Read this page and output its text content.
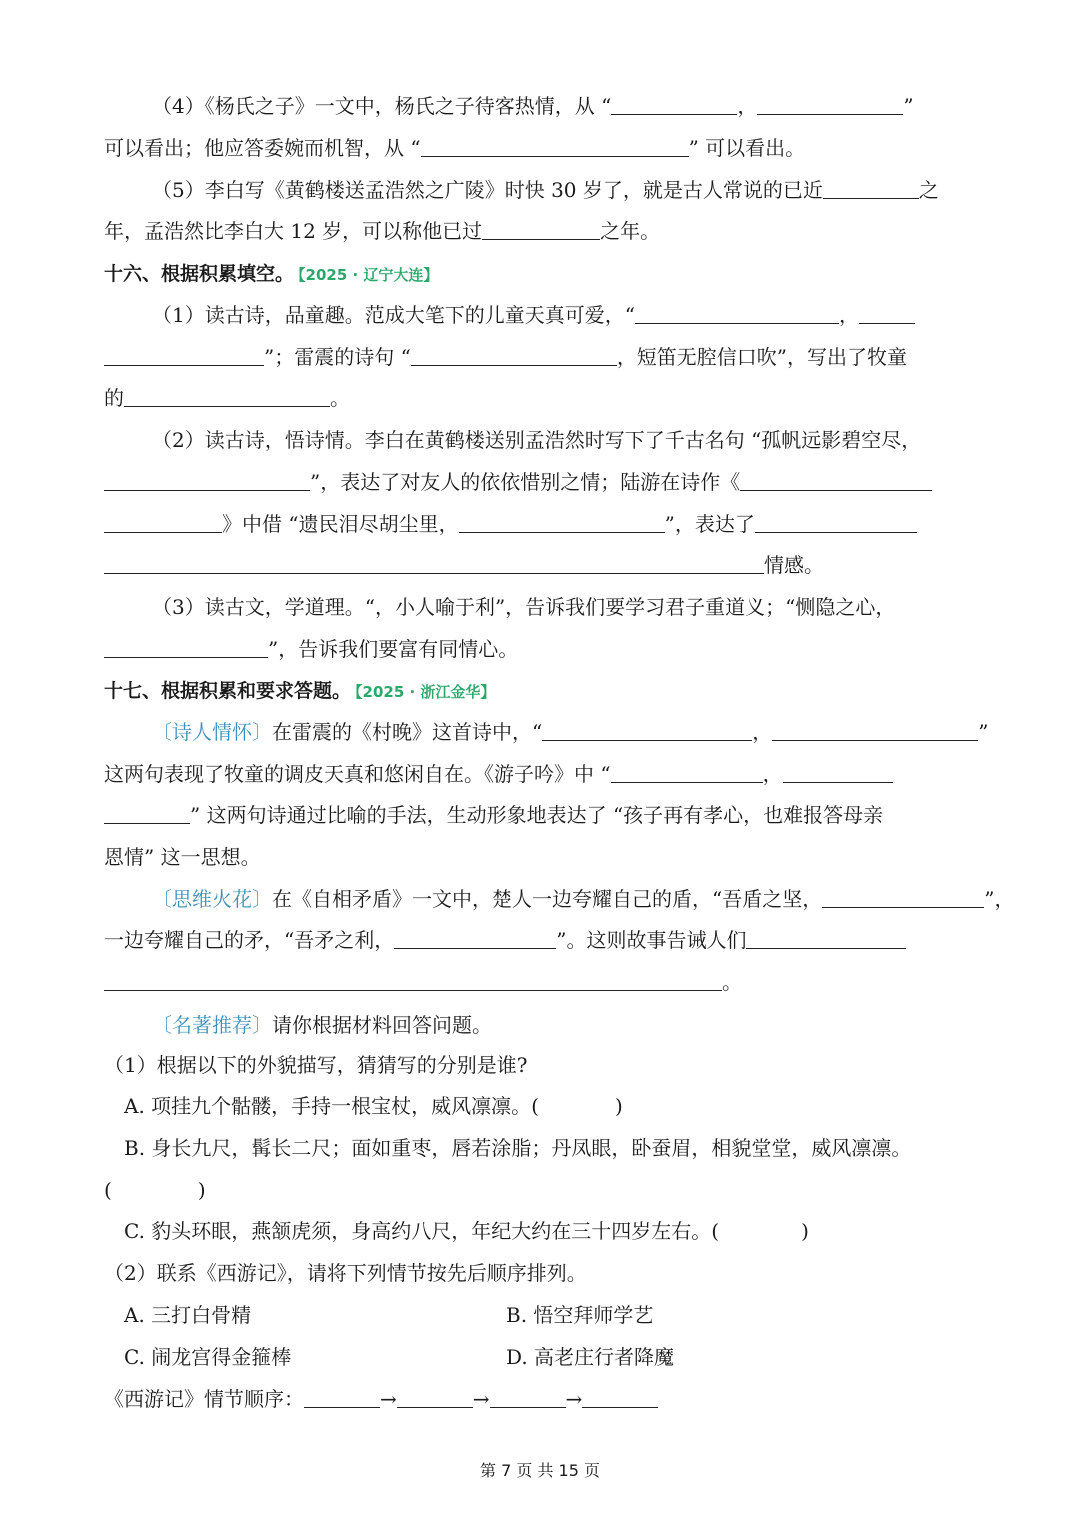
（4）《杨氏之子》一文中，杨氏之子待客热情，从 “	，	”
可以看出；他应答委婉而机智，从 “	” 可以看出。
（5）李白写《黄鹤楼送孟浩然之广陵》时快 30 岁了，就是古人常说的已近	之
年，孟浩然比李白大 12 岁，可以称他已过	之年。
十六、根据积累填空。 【2025 · 辽宁大连】
（1）读古诗，品童趣。范成大笔下的儿童天真可爱，“	，
”；雷震的诗句 “	，短笛无腔信口吹”，写出了牧童
的	。
（2）读古诗，悟诗情。李白在黄鹤楼送别孟浩然时写下了千古名句 “孤帆远影碧空尽，
”，表达了对友人的依依惜别之情；陆游在诗作《
》中借 “遗民泪尽胡尘里，	”，表达了
情感。
（3）读古文，学道理。“，小人喻于利”，告诉我们要学习君子重道义；“恻隐之心，
”，告诉我们要富有同情心。
十七、根据积累和要求答题。 【2025 · 浙江金华】
〔诗人情怀〕在雷震的《村晚》这首诗中，“	，	”
这两句表现了牧童的调皮天真和悠闲自在。《游子吟》中 “	，
” 这两句诗通过比喻的手法，生动形象地表达了 “孩子再有孝心，也难报答母亲
恩情” 这一思想。
〔思维火花〕在《自相矛盾》一文中，楚人一边夸耀自己的盾，“吾盾之坚，	”，
一边夸耀自己的矛，“吾矛之利，	”。这则故事告诫人们
。
〔名著推荐〕请你根据材料回答问题。
（1）根据以下的外貌描写，猜猜写的分别是谁?
A. 项挂九个骷髅，手持一根宝杖，威风凛凛。(	)
B. 身长九尺，髯长二尺；面如重枣，唇若涂脂；丹凤眼，卧蚕眉，相貌堂堂，威风凛凛。
(	)
C. 豹头环眼，燕颔虎须，身高约八尺，年纪大约在三十四岁左右。(	)
（2）联系《西游记》，请将下列情节按先后顺序排列。
A. 三打白骨精	B. 悟空拜师学艺
C. 闹龙宫得金箍棒	D. 高老庄行者降魔
《西游记》情节顺序：	→	→	→
第 7 页 共 15 页
